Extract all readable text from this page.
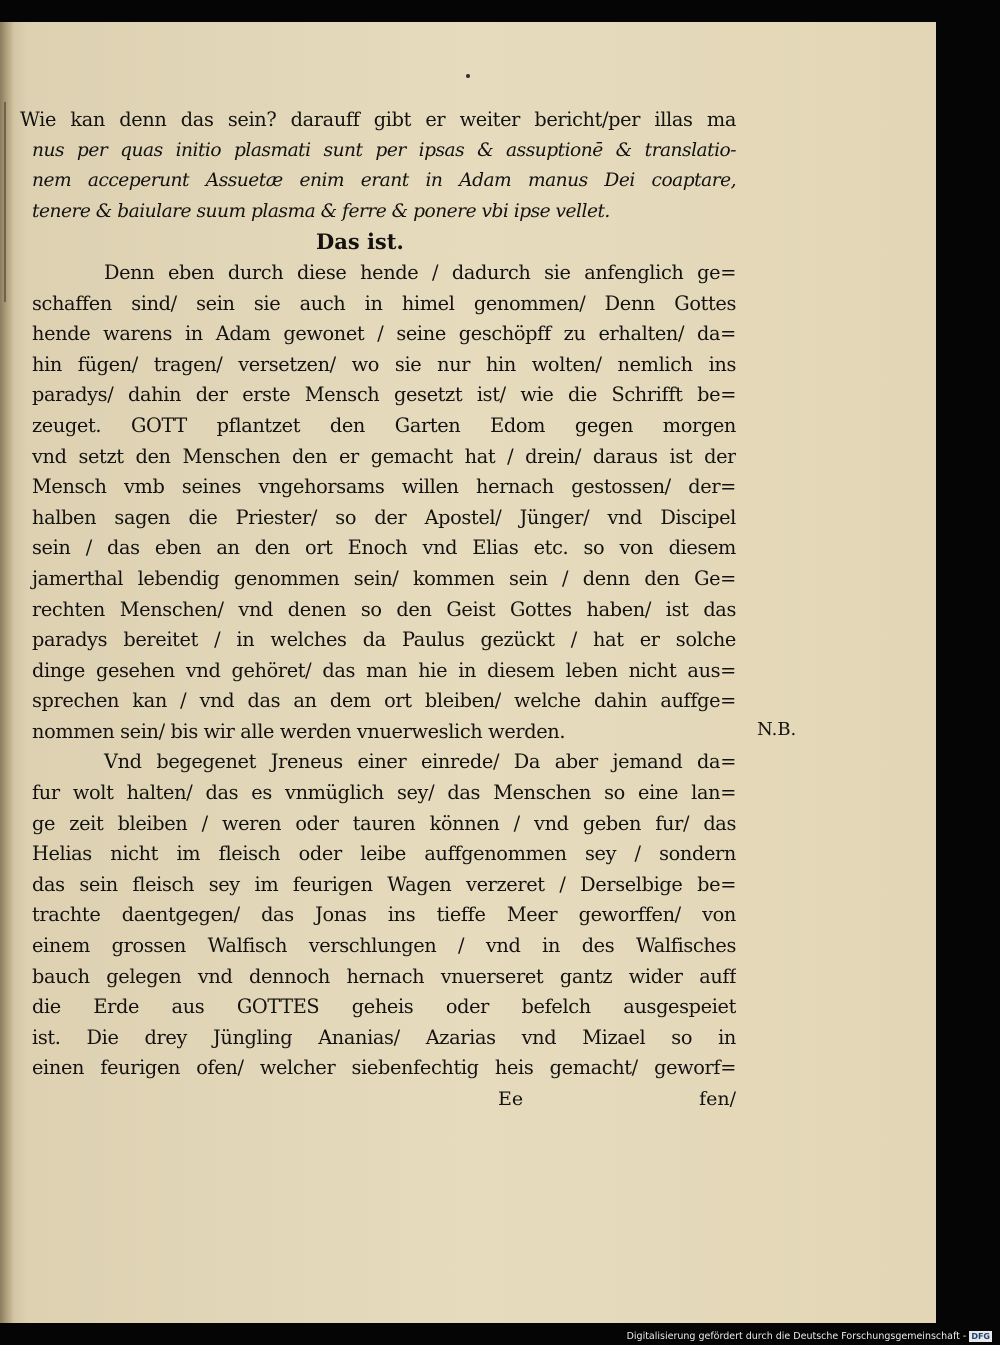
Wie kan denn das sein? darauff gibt er weiter bericht/per illas ma
nus per quas initio plasmati sunt per ipsas & assuptionē & translatio-
nem acceperunt Assuetæ enim erant in Adam manus Dei coaptare,
tenere & baiulare suum plasma & ferre & ponere vbi ipse vellet.
Das ist.
Denn eben durch diese hende / dadurch sie anfenglich ge=
schaffen sind/ sein sie auch in himel genommen/ Denn Gottes
hende warens in Adam gewonet / seine geschöpff zu erhalten/ da=
hin fügen/ tragen/ versetzen/ wo sie nur hin wolten/ nemlich ins
paradys/ dahin der erste Mensch gesetzt ist/ wie die Schrifft be=
zeuget. GOTT pflantzet den Garten Edom gegen morgen
vnd setzt den Menschen den er gemacht hat / drein/ daraus ist der
Mensch vmb seines vngehorsams willen hernach gestossen/ der=
halben sagen die Priester/ so der Apostel/ Jünger/ vnd Discipel
sein / das eben an den ort Enoch vnd Elias etc. so von diesem
jamerthal lebendig genommen sein/ kommen sein / denn den Ge=
rechten Menschen/ vnd denen so den Geist Gottes haben/ ist das
paradys bereitet / in welches da Paulus gezückt / hat er solche
dinge gesehen vnd gehöret/ das man hie in diesem leben nicht aus=
sprechen kan / vnd das an dem ort bleiben/ welche dahin auffge=
nommen sein/ bis wir alle werden vnuerweslich werden.
Vnd begegenet Jreneus einer einrede/ Da aber jemand da=
fur wolt halten/ das es vnmüglich sey/ das Menschen so eine lan=
ge zeit bleiben / weren oder tauren können / vnd geben fur/ das
Helias nicht im fleisch oder leibe auffgenommen sey / sondern
das sein fleisch sey im feurigen Wagen verzeret / Derselbige be=
trachte daentgegen/ das Jonas ins tieffe Meer geworffen/ von
einem grossen Walfisch verschlungen / vnd in des Walfisches
bauch gelegen vnd dennoch hernach vnuerseret gantz wider auff
die Erde aus GOTTES geheis oder befelch ausgespeiet
ist. Die drey Jüngling Ananias/ Azarias vnd Mizael so in
einen feurigen ofen/ welcher siebenfechtig heis gemacht/ geworf=
Ee	fen/
N.B.
Digitalisierung gefördert durch die Deutsche Forschungsgemeinschaft - DFG
